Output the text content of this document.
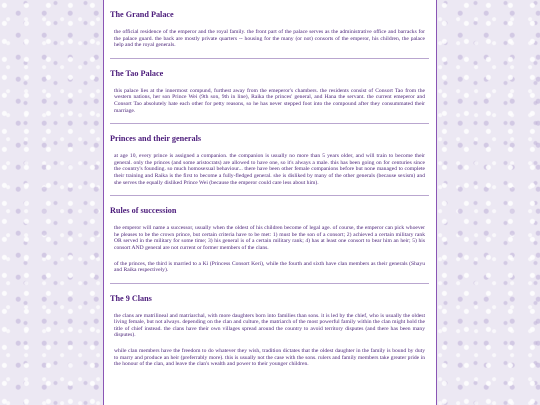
The Grand Palace

the official residence of the emperor and the royal family. the front part of the palace serves as the administrative office and barracks for the palace guard. the back are mostly private quarters -- housing for the many (or not) consorts of the emperor, his children, the palace help and the royal generals.

The Tao Palace

this palace lies at the innermost compund, furthest away from the emeperor's chambers. the residents consist of Consort Tao from the western nations, her son Prince Wei (9th son, 9th in line), Raika the princes' general, and Hana the servant. the current emeperor and Consort Tao absolutely hate each other for petty reasons, so he has never stepped foot into the compound after they consummated their marriage.

Princes and their generals

at age 10, every prince is assigned a companion. the companion is usually no more than 5 years older, and will train to become their general. only the princes (and some aristocrats) are allowed to have one, so it's always a male. this has been going on for centuries since the country's founding. so much homosexual behaviour... there have been other female companions before but none managed to complete their training and Raika is the first to become a fully-fledged general. she is disliked by many of the other generals (because sexism) and she serves the equally disliked Prince Wei (because the emperor could care less about him).

Rules of succession

the emperor will name a successor, usually when the oldest of his children become of legal age. of course, the emperor can pick whoever he pleases to be the crown prince, but certain criteria have to be met: 1) must be the son of a consort; 2) achieved a certain military rank OR served in the military for some time; 3) his general is of a certain military rank; 4) has at least one consort to bear him an heir; 5) his consort AND general are not current or former members of the clans.

of the princes, the third is married to a Ki (Princess Consort Keri), while the fourth and sixth have clan members as their generals (Shayu and Raika respectively).

The 9 Clans

the clans are matrilineal and matriarchal, with more daughters born into families than sons. it is led by the chief, who is usually the oldest living female, but not always. depending on the clan and culture, the matriarch of the most powerful family within the clan might hold the title of chief instead. the clans have their own villages spread around the country to avoid territory disputes (and there has been many disputes).

while clan members have the freedom to do whatever they wish, tradition dictates that the oldest daughter in the family is bound by duty to marry and produce an heir (preferrably more). this is usually not the case with the sons. rulers and family members take greater pride in the honour of the clan, and leave the clan's wealth and power to their younger children.
